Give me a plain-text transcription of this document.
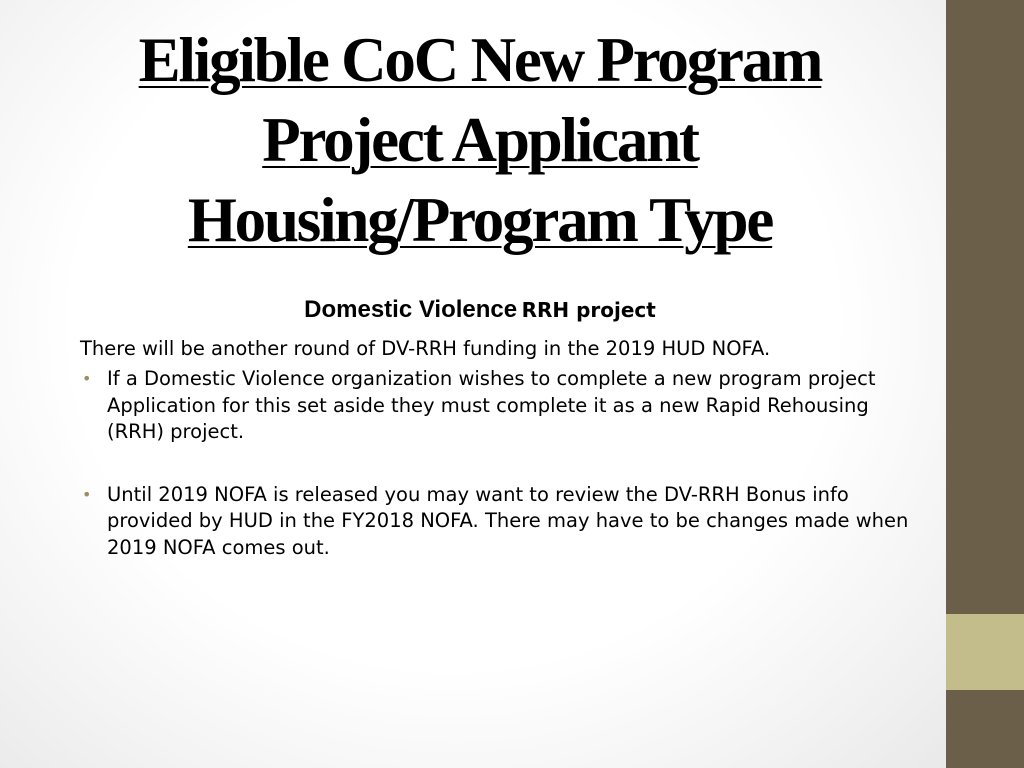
Eligible CoC New Program
Project Applicant
Housing/Program Type

Domestic Violence RRH project

There will be another round of DV-RRH funding in the 2019 HUD NOFA.

• If a Domestic Violence organization wishes to complete a new program project Application for this set aside they must complete it as a new Rapid Rehousing (RRH) project.
• Until 2019 NOFA is released you may want to review the DV-RRH Bonus info provided by HUD in the FY2018 NOFA. There may have to be changes made when 2019 NOFA comes out.
